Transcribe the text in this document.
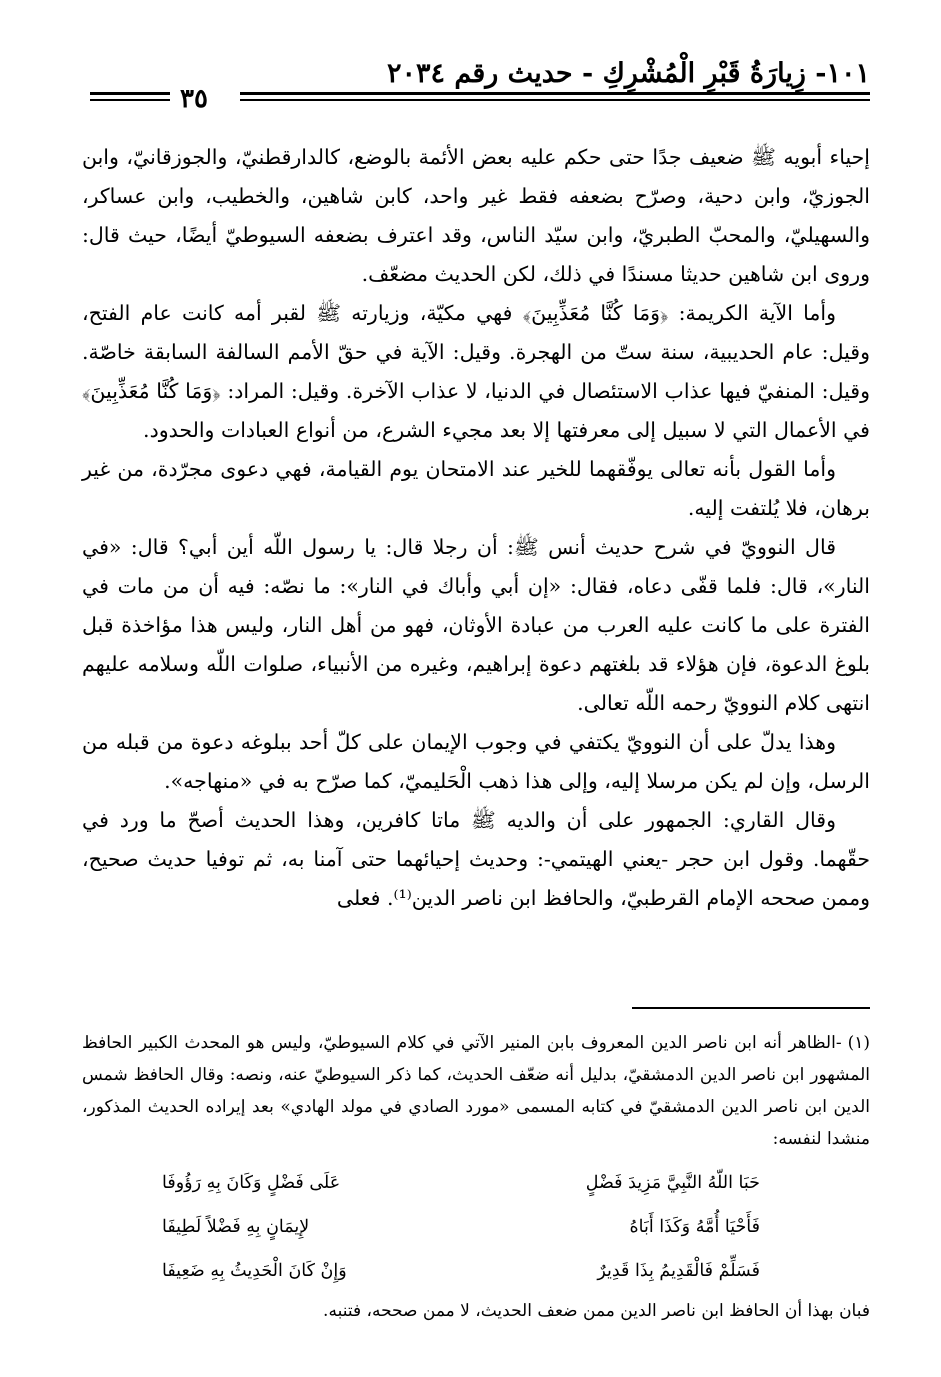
١٠١- زِيارَةُ قَبْرِ الْمُشْرِكِ - حديث رقم ٢٠٣٤
٣٥

إحياء أبويه ﷺ ضعيف جدًا حتى حكم عليه بعض الأئمة بالوضع، كالدارقطنيّ، والجوزقانيّ، وابن الجوزيّ، وابن دحية، وصرّح بضعفه فقط غير واحد، كابن شاهين، والخطيب، وابن عساكر، والسهيليّ، والمحبّ الطبريّ، وابن سيّد الناس، وقد اعترف بضعفه السيوطيّ أيضًا، حيث قال: وروى ابن شاهين حديثا مسندًا في ذلك، لكن الحديث مضعّف.

وأما الآية الكريمة: ﴿وَمَا كُنَّا مُعَذِّبِينَ﴾ فهي مكيّة، وزيارته ﷺ لقبر أمه كانت عام الفتح، وقيل: عام الحديبية، سنة ستّ من الهجرة. وقيل: الآية في حقّ الأمم السالفة السابقة خاصّة. وقيل: المنفيّ فيها عذاب الاستئصال في الدنيا، لا عذاب الآخرة. وقيل: المراد: ﴿وَمَا كُنَّا مُعَذِّبِينَ﴾ في الأعمال التي لا سبيل إلى معرفتها إلا بعد مجيء الشرع، من أنواع العبادات والحدود.

وأما القول بأنه تعالى يوفّقهما للخير عند الامتحان يوم القيامة، فهي دعوى مجرّدة، من غير برهان، فلا يُلتفت إليه.

قال النوويّ في شرح حديث أنس ﷺ: أن رجلا قال: يا رسول اللّه أين أبي؟ قال: «في النار»، قال: فلما قفّى دعاه، فقال: «إن أبي وأباك في النار»: ما نصّه: فيه أن من مات في الفترة على ما كانت عليه العرب من عبادة الأوثان، فهو من أهل النار، وليس هذا مؤاخذة قبل بلوغ الدعوة، فإن هؤلاء قد بلغتهم دعوة إبراهيم، وغيره من الأنبياء، صلوات اللّه وسلامه عليهم انتهى كلام النوويّ رحمه اللّه تعالى.

وهذا يدلّ على أن النوويّ يكتفي في وجوب الإيمان على كلّ أحد ببلوغه دعوة من قبله من الرسل، وإن لم يكن مرسلا إليه، وإلى هذا ذهب الْحَليميّ، كما صرّح به في «منهاجه».

وقال القاري: الجمهور على أن والديه ﷺ ماتا كافرين، وهذا الحديث أصحّ ما ورد في حقّهما. وقول ابن حجر -يعني الهيتمي-: وحديث إحيائهما حتى آمنا به، ثم توفيا حديث صحيح، وممن صححه الإمام القرطبيّ، والحافظ ابن ناصر الدين⁽¹⁾. فعلى

(١)-الظاهر أنه ابن ناصر الدين المعروف بابن المنير الآتي في كلام السيوطيّ، وليس هو المحدث الكبير الحافظ المشهور ابن ناصر الدين الدمشقيّ، بدليل أنه ضعّف الحديث، كما ذكر السيوطيّ عنه، ونصه: وقال الحافظ شمس الدين ابن ناصر الدين الدمشقيّ في كتابه المسمى «مورد الصادي في مولد الهادي» بعد إيراده الحديث المذكور، منشدا لنفسه:

حَبَا اللّهُ النَّبِيَّ مَزِيدَ فَضْلٍ
عَلَى فَضْلٍ وَكَانَ بِهِ رَؤُوفَا
فَأَحْيَا أُمَّهُ وَكَذَا أَبَاهُ
لإِيمَانٍ بِهِ فَضْلاً لَطِيفَا
فَسَلِّمْ فَالْقَدِيمُ بِذَا قَدِيرٌ
وَإِنْ كَانَ الْحَدِيثُ بِهِ ضَعِيفَا

فبان بهذا أن الحافظ ابن ناصر الدين ممن ضعف الحديث، لا ممن صححه، فتنبه.
